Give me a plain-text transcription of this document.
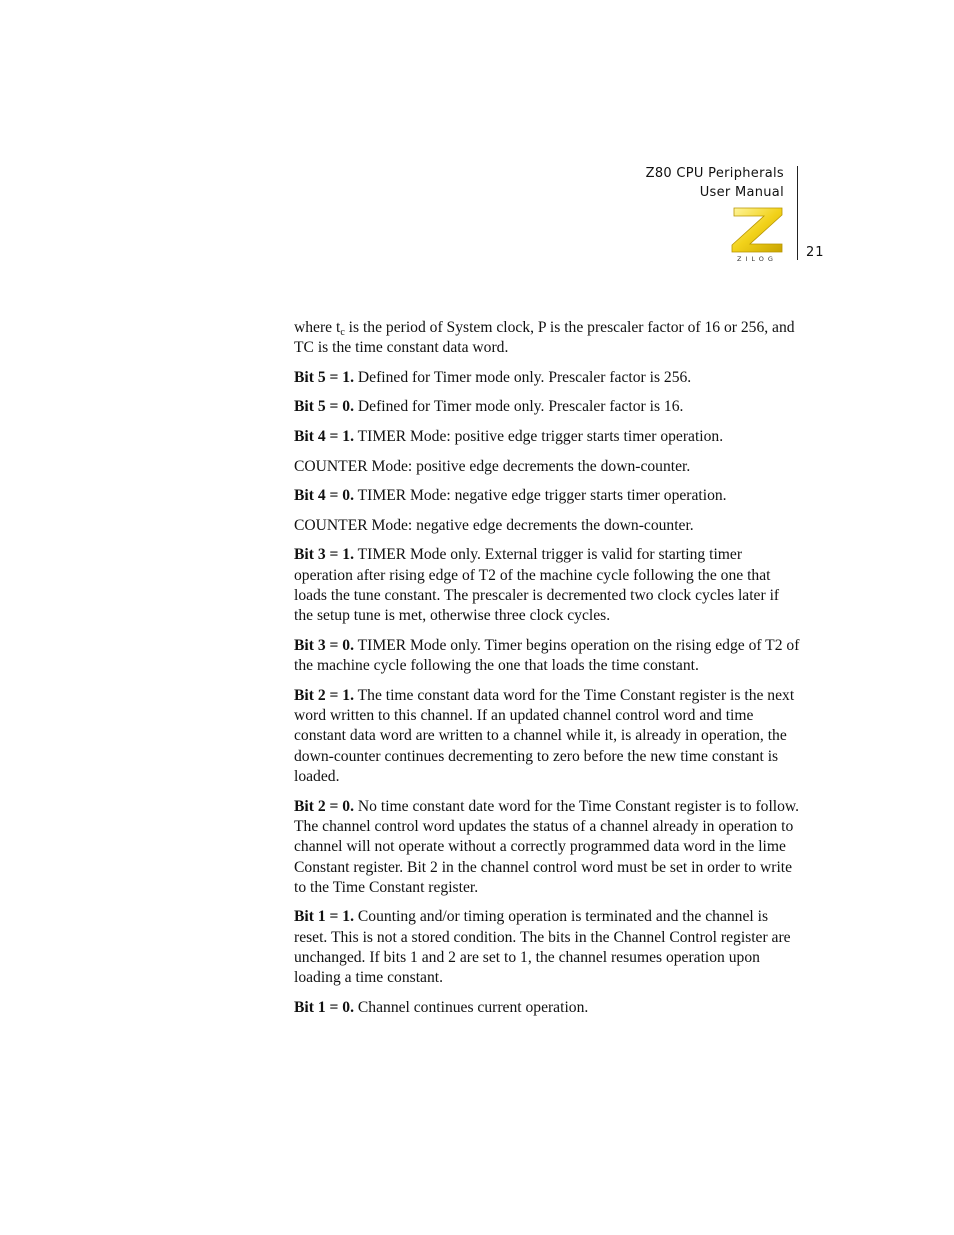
Z80 CPU Peripherals
User Manual
ZILOG 21

where $t_c$ is the period of System clock, P is the prescaler factor of 16 or 256, and TC is the time constant data word.

Bit 5 = 1. Defined for Timer mode only. Prescaler factor is 256.

Bit 5 = 0. Defined for Timer mode only. Prescaler factor is 16.

Bit 4 = 1. TIMER Mode: positive edge trigger starts timer operation.

COUNTER Mode: positive edge decrements the down-counter.

Bit 4 = 0. TIMER Mode: negative edge trigger starts timer operation.

COUNTER Mode: negative edge decrements the down-counter.

Bit 3 = 1. TIMER Mode only. External trigger is valid for starting timer operation after rising edge of T2 of the machine cycle following the one that loads the tune constant. The prescaler is decremented two clock cycles later if the setup tune is met, otherwise three clock cycles.

Bit 3 = 0. TIMER Mode only. Timer begins operation on the rising edge of T2 of the machine cycle following the one that loads the time constant.

Bit 2 = 1. The time constant data word for the Time Constant register is the next word written to this channel. If an updated channel control word and time constant data word are written to a channel while it, is already in operation, the down-counter continues decrementing to zero before the new time constant is loaded.

Bit 2 = 0. No time constant date word for the Time Constant register is to follow. The channel control word updates the status of a channel already in operation to channel will not operate without a correctly programmed data word in the lime Constant register. Bit 2 in the channel control word must be set in order to write to the Time Constant register.

Bit 1 = 1. Counting and/or timing operation is terminated and the channel is reset. This is not a stored condition. The bits in the Channel Control register are unchanged. If bits 1 and 2 are set to 1, the channel resumes operation upon loading a time constant.

Bit 1 = 0. Channel continues current operation.
